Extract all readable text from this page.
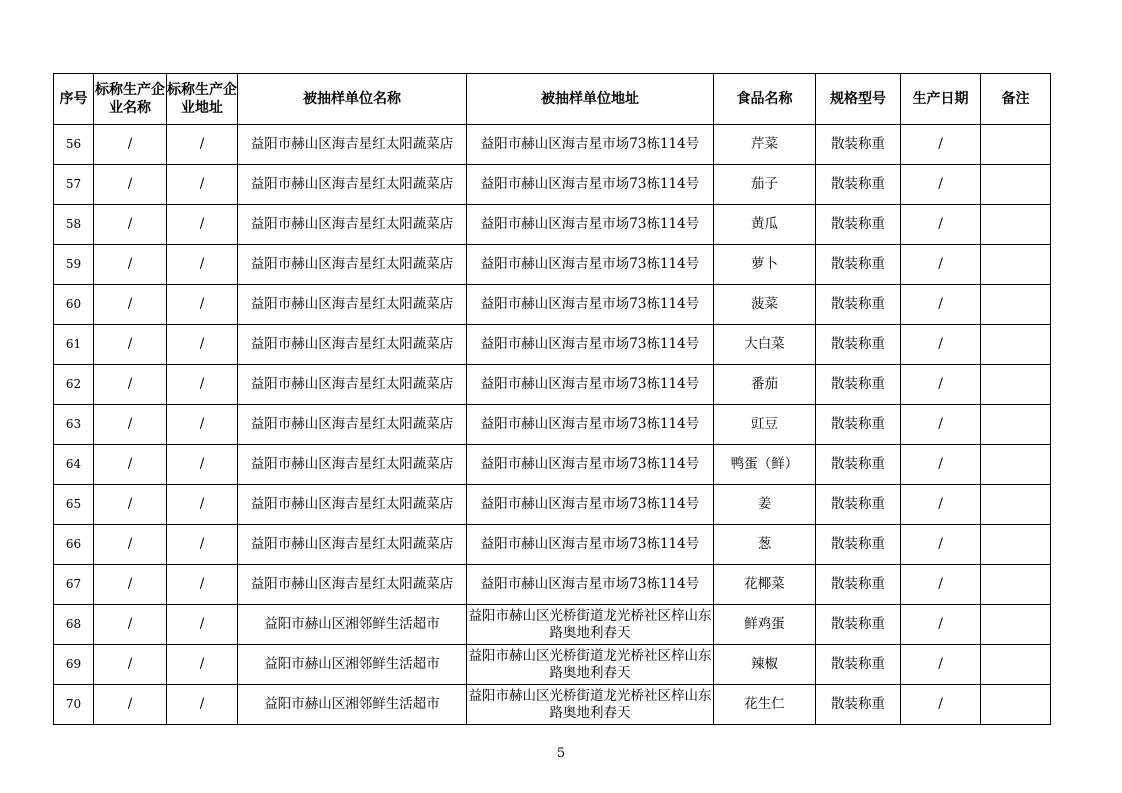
序号	标称生产企业名称	标称生产企业地址	被抽样单位名称	被抽样单位地址	食品名称	规格型号	生产日期	备注
56	/	/	益阳市赫山区海吉星红太阳蔬菜店	益阳市赫山区海吉星市场73栋114号	芹菜	散装称重	/	
57	/	/	益阳市赫山区海吉星红太阳蔬菜店	益阳市赫山区海吉星市场73栋114号	茄子	散装称重	/	
58	/	/	益阳市赫山区海吉星红太阳蔬菜店	益阳市赫山区海吉星市场73栋114号	黄瓜	散装称重	/	
59	/	/	益阳市赫山区海吉星红太阳蔬菜店	益阳市赫山区海吉星市场73栋114号	萝卜	散装称重	/	
60	/	/	益阳市赫山区海吉星红太阳蔬菜店	益阳市赫山区海吉星市场73栋114号	菠菜	散装称重	/	
61	/	/	益阳市赫山区海吉星红太阳蔬菜店	益阳市赫山区海吉星市场73栋114号	大白菜	散装称重	/	
62	/	/	益阳市赫山区海吉星红太阳蔬菜店	益阳市赫山区海吉星市场73栋114号	番茄	散装称重	/	
63	/	/	益阳市赫山区海吉星红太阳蔬菜店	益阳市赫山区海吉星市场73栋114号	豇豆	散装称重	/	
64	/	/	益阳市赫山区海吉星红太阳蔬菜店	益阳市赫山区海吉星市场73栋114号	鸭蛋（鲜）	散装称重	/	
65	/	/	益阳市赫山区海吉星红太阳蔬菜店	益阳市赫山区海吉星市场73栋114号	姜	散装称重	/	
66	/	/	益阳市赫山区海吉星红太阳蔬菜店	益阳市赫山区海吉星市场73栋114号	葱	散装称重	/	
67	/	/	益阳市赫山区海吉星红太阳蔬菜店	益阳市赫山区海吉星市场73栋114号	花椰菜	散装称重	/	
68	/	/	益阳市赫山区湘邻鲜生活超市	益阳市赫山区光桥街道龙光桥社区梓山东路奥地利春天	鲜鸡蛋	散装称重	/	
69	/	/	益阳市赫山区湘邻鲜生活超市	益阳市赫山区光桥街道龙光桥社区梓山东路奥地利春天	辣椒	散装称重	/	
70	/	/	益阳市赫山区湘邻鲜生活超市	益阳市赫山区光桥街道龙光桥社区梓山东路奥地利春天	花生仁	散装称重	/	
5
